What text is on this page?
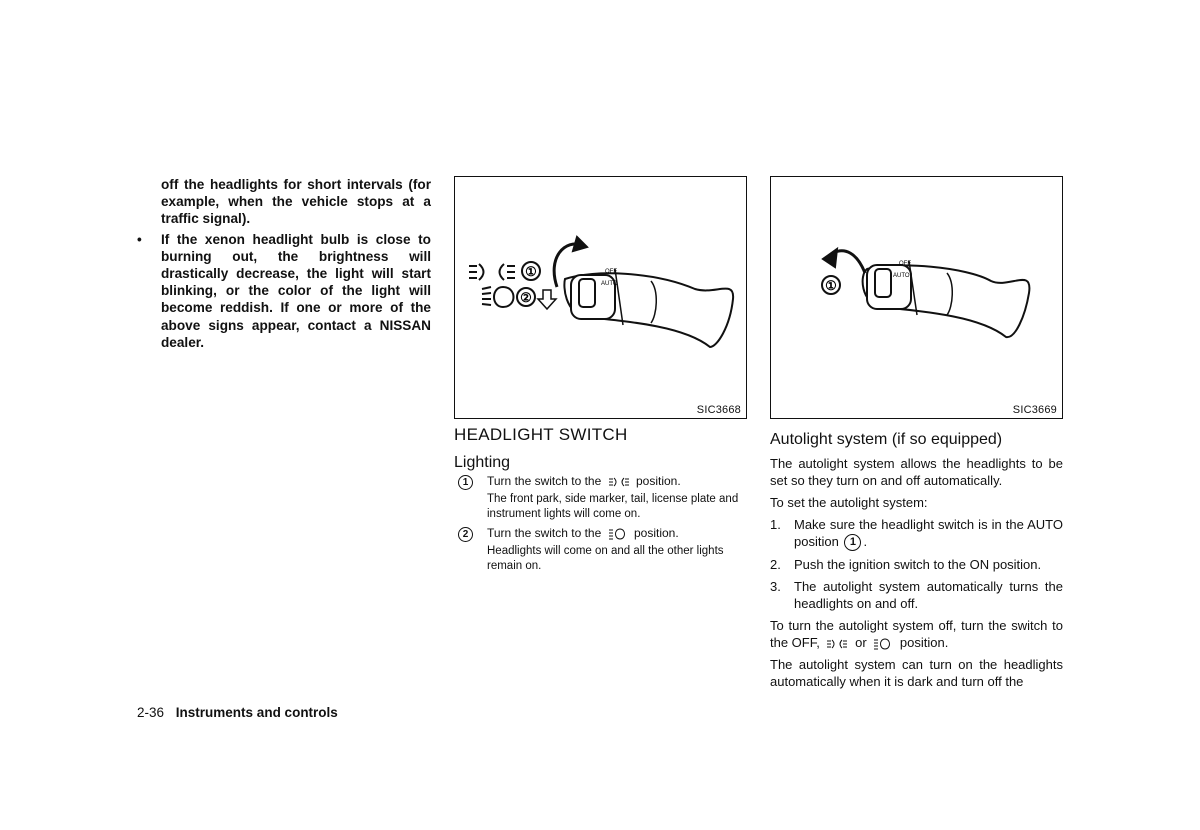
off the headlights for short intervals (for example, when the vehicle stops at a traffic signal).

• If the xenon headlight bulb is close to burning out, the brightness will drastically decrease, the light will start blinking, or the color of the light will become reddish. If one or more of the above signs appear, contact a NISSAN dealer.

①
②
OFF
AUTO
SIC3668
①
OFF
AUTO
SIC3669
HEADLIGHT SWITCH
Lighting
1	Turn the switch to the	position.

The front park, side marker, tail, license plate and instrument lights will come on.

2	Turn the switch to the	position.

Headlights will come on and all the other lights remain on.

Autolight system (if so equipped)

The autolight system allows the headlights to be set so they turn on and off automatically.

To set the autolight system:

1. Make sure the headlight switch is in the AUTO position 1 .
2. Push the ignition switch to the ON position.
3. The autolight system automatically turns the headlights on and off.

To turn the autolight system off, turn the switch to the OFF,	or	position.

The autolight system can turn on the headlights automatically when it is dark and turn off the

2-36 Instruments and controls
